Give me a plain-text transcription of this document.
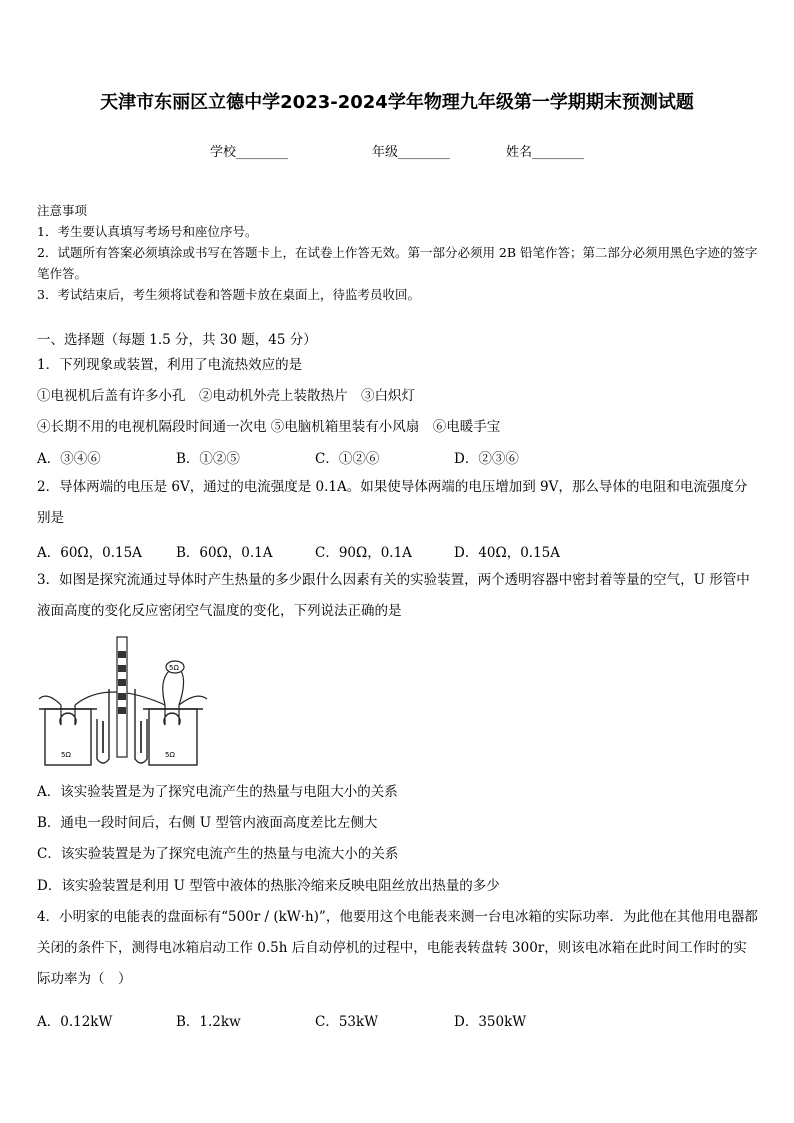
天津市东丽区立德中学2023-2024学年物理九年级第一学期期末预测试题
学校________	年级________	姓名________
注意事项
1．考生要认真填写考场号和座位序号。
2．试题所有答案必须填涂或书写在答题卡上，在试卷上作答无效。第一部分必须用 2B 铅笔作答；第二部分必须用黑色字迹的签字笔作答。
3．考试结束后，考生须将试卷和答题卡放在桌面上，待监考员收回。
一、选择题（每题 1.5 分，共 30 题，45 分）
1．下列现象或装置，利用了电流热效应的是
①电视机后盖有许多小孔　②电动机外壳上装散热片　③白炽灯
④长期不用的电视机隔段时间通一次电 ⑤电脑机箱里装有小风扇　⑥电暖手宝
A．③④⑥	B．①②⑤	C．①②⑥	D．②③⑥
2．导体两端的电压是 6V，通过的电流强度是 0.1A。如果使导体两端的电压增加到 9V，那么导体的电阻和电流强度分别是
A．60Ω，0.15A	B．60Ω，0.1A	C．90Ω，0.1A	D．40Ω，0.15A
3．如图是探究流通过导体时产生热量的多少跟什么因素有关的实验装置，两个透明容器中密封着等量的空气，U 形管中液面高度的变化反应密闭空气温度的变化，下列说法正确的是
5Ω
5Ω	5Ω
A．该实验装置是为了探究电流产生的热量与电阻大小的关系
B．通电一段时间后，右侧 U 型管内液面高度差比左侧大
C．该实验装置是为了探究电流产生的热量与电流大小的关系
D．该实验装置是利用 U 型管中液体的热胀冷缩来反映电阻丝放出热量的多少
4．小明家的电能表的盘面标有“500r / (kW·h)”，他要用这个电能表来测一台电冰箱的实际功率．为此他在其他用电器都关闭的条件下，测得电冰箱启动工作 0.5h 后自动停机的过程中，电能表转盘转 300r，则该电冰箱在此时间工作时的实际功率为（　）
A．0.12kW	B．1.2kw	C．53kW	D．350kW
